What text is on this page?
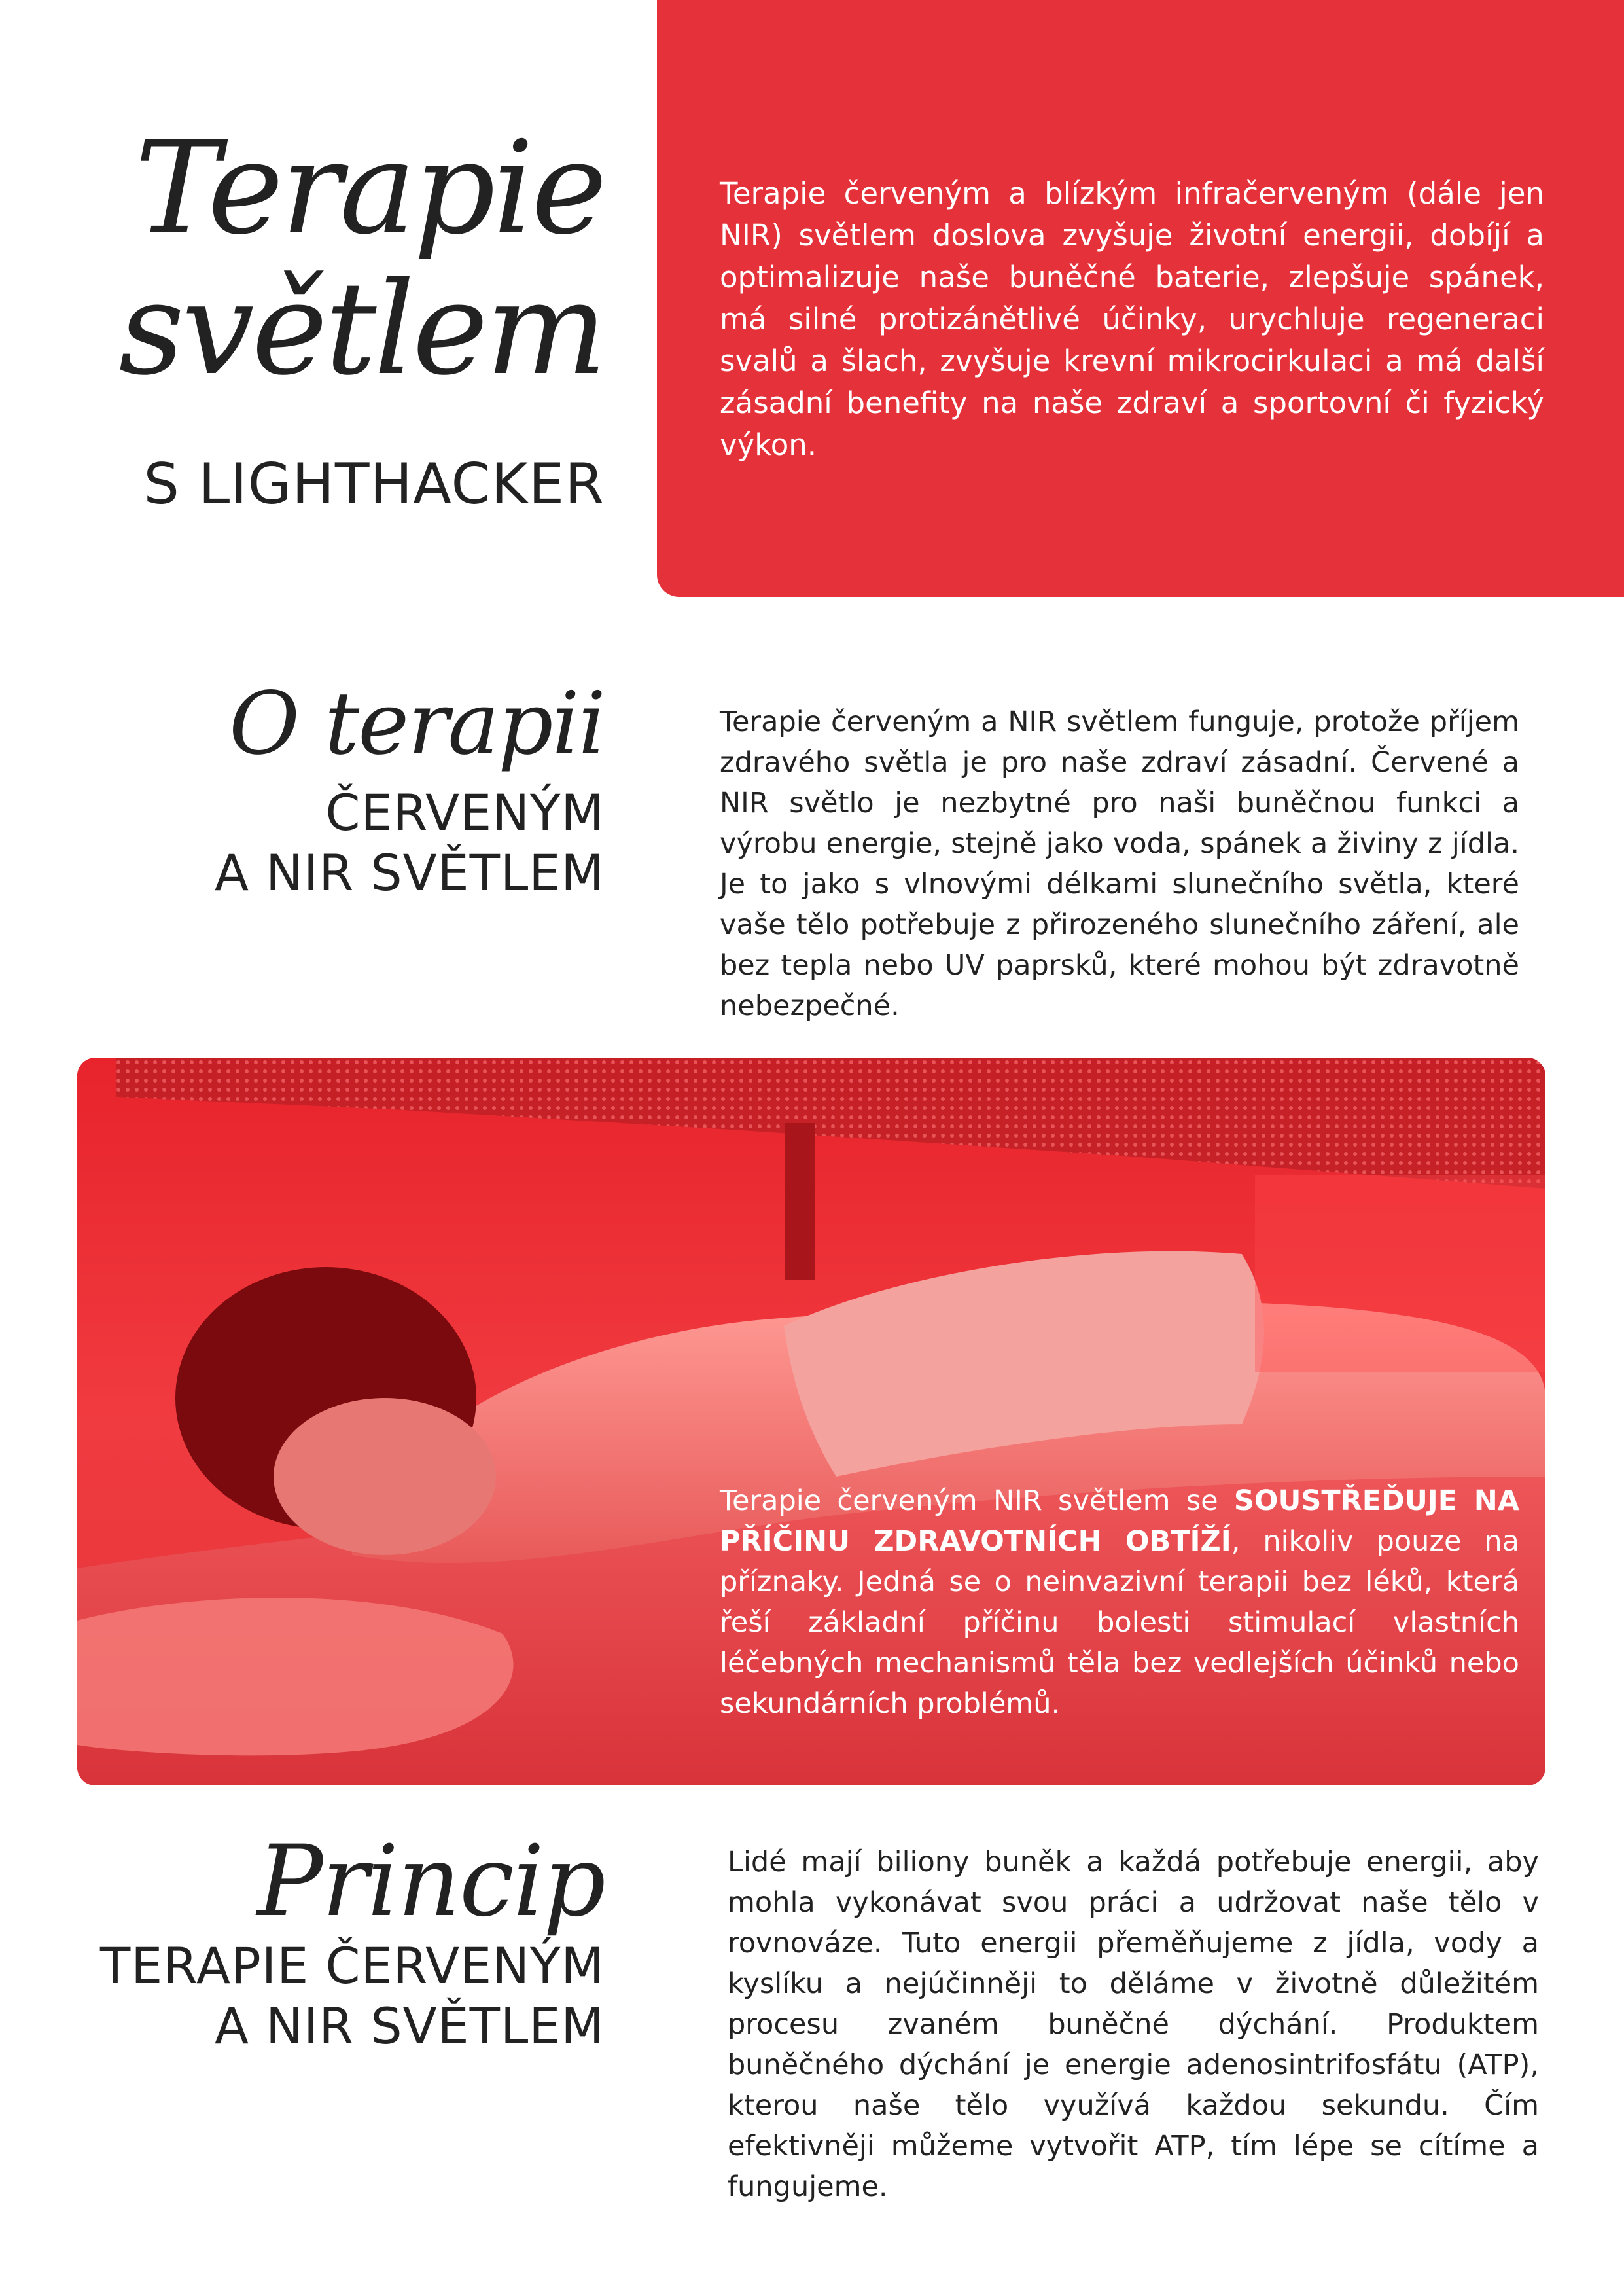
Terapie červeným a blízkým infračerveným (dále jen NIR) světlem doslova zvyšuje životní energii, dobíjí a optimalizuje naše buněčné baterie, zlepšuje spánek, má silné protizánětlivé účinky, urychluje regeneraci svalů a šlach, zvyšuje krevní mikrocirkulaci a má další zásadní benefity na naše zdraví a sportovní či fyzický výkon.
Terapie
světlem
S LIGHTHACKER
O terapii
ČERVENÝM
A NIR SVĚTLEM
Terapie červeným a NIR světlem funguje, protože příjem zdravého světla je pro naše zdraví zásadní. Červené a NIR světlo je nezbytné pro naši buněčnou funkci a výrobu energie, stejně jako voda, spánek a živiny z jídla. Je to jako s vlnovými délkami slunečního světla, které vaše tělo potřebuje z přirozeného slunečního záření, ale bez tepla nebo UV paprsků, které mohou být zdravotně nebezpečné.
Terapie červeným NIR světlem se SOUSTŘEĎUJE NA PŘÍČINU ZDRAVOTNÍCH OBTÍŽÍ, nikoliv pouze na příznaky. Jedná se o neinvazivní terapii bez léků, která řeší základní příčinu bolesti stimulací vlastních léčebných mechanismů těla bez vedlejších účinků nebo sekundárních problémů.
Princip
TERAPIE ČERVENÝM
A NIR SVĚTLEM
Lidé mají biliony buněk a každá potřebuje energii, aby mohla vykonávat svou práci a udržovat naše tělo v rovnováze. Tuto energii přeměňujeme z jídla, vody a kyslíku a nejúčinněji to děláme v životně důležitém procesu zvaném buněčné dýchání. Produktem buněčného dýchání je energie adenosintrifosfátu (ATP), kterou naše tělo využívá každou sekundu. Čím efektivněji můžeme vytvořit ATP, tím lépe se cítíme a fungujeme.
